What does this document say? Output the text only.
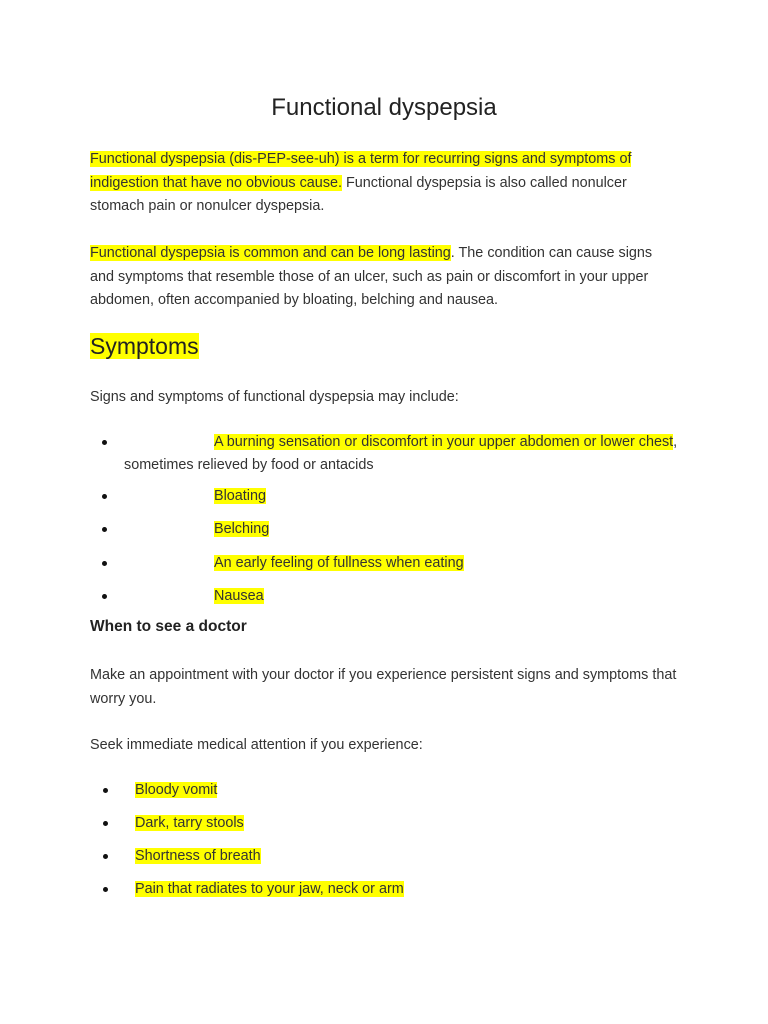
Functional dyspepsia

Functional dyspepsia (dis-PEP-see-uh) is a term for recurring signs and symptoms of indigestion that have no obvious cause. Functional dyspepsia is also called nonulcer stomach pain or nonulcer dyspepsia.

Functional dyspepsia is common and can be long lasting. The condition can cause signs and symptoms that resemble those of an ulcer, such as pain or discomfort in your upper abdomen, often accompanied by bloating, belching and nausea.

Symptoms

Signs and symptoms of functional dyspepsia may include:

A burning sensation or discomfort in your upper abdomen or lower chest, sometimes relieved by food or antacids
Bloating
Belching
An early feeling of fullness when eating
Nausea
When to see a doctor

Make an appointment with your doctor if you experience persistent signs and symptoms that worry you.

Seek immediate medical attention if you experience:

Bloody vomit
Dark, tarry stools
Shortness of breath
Pain that radiates to your jaw, neck or arm
